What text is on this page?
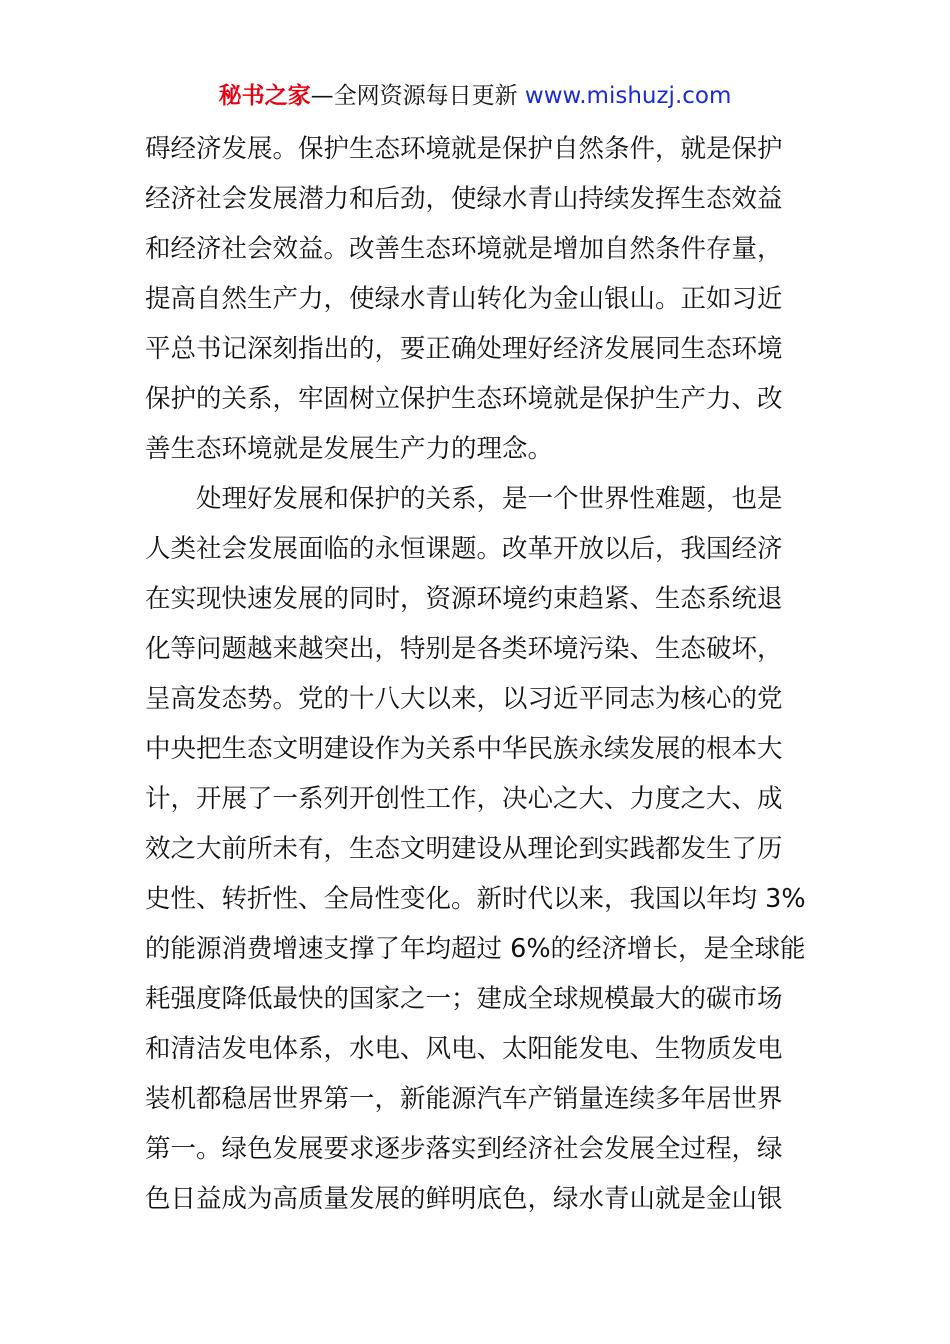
秘书之家—全网资源每日更新 www.mishuzj.com
碍经济发展。保护生态环境就是保护自然条件，就是保护
经济社会发展潜力和后劲，使绿水青山持续发挥生态效益
和经济社会效益。改善生态环境就是增加自然条件存量，
提高自然生产力，使绿水青山转化为金山银山。正如习近
平总书记深刻指出的，要正确处理好经济发展同生态环境
保护的关系，牢固树立保护生态环境就是保护生产力、改
善生态环境就是发展生产力的理念。
处理好发展和保护的关系，是一个世界性难题，也是
人类社会发展面临的永恒课题。改革开放以后，我国经济
在实现快速发展的同时，资源环境约束趋紧、生态系统退
化等问题越来越突出，特别是各类环境污染、生态破坏，
呈高发态势。党的十八大以来，以习近平同志为核心的党
中央把生态文明建设作为关系中华民族永续发展的根本大
计，开展了一系列开创性工作，决心之大、力度之大、成
效之大前所未有，生态文明建设从理论到实践都发生了历
史性、转折性、全局性变化。新时代以来，我国以年均 3%
的能源消费增速支撑了年均超过 6%的经济增长，是全球能
耗强度降低最快的国家之一；建成全球规模最大的碳市场
和清洁发电体系，水电、风电、太阳能发电、生物质发电
装机都稳居世界第一，新能源汽车产销量连续多年居世界
第一。绿色发展要求逐步落实到经济社会发展全过程，绿
色日益成为高质量发展的鲜明底色，绿水青山就是金山银
